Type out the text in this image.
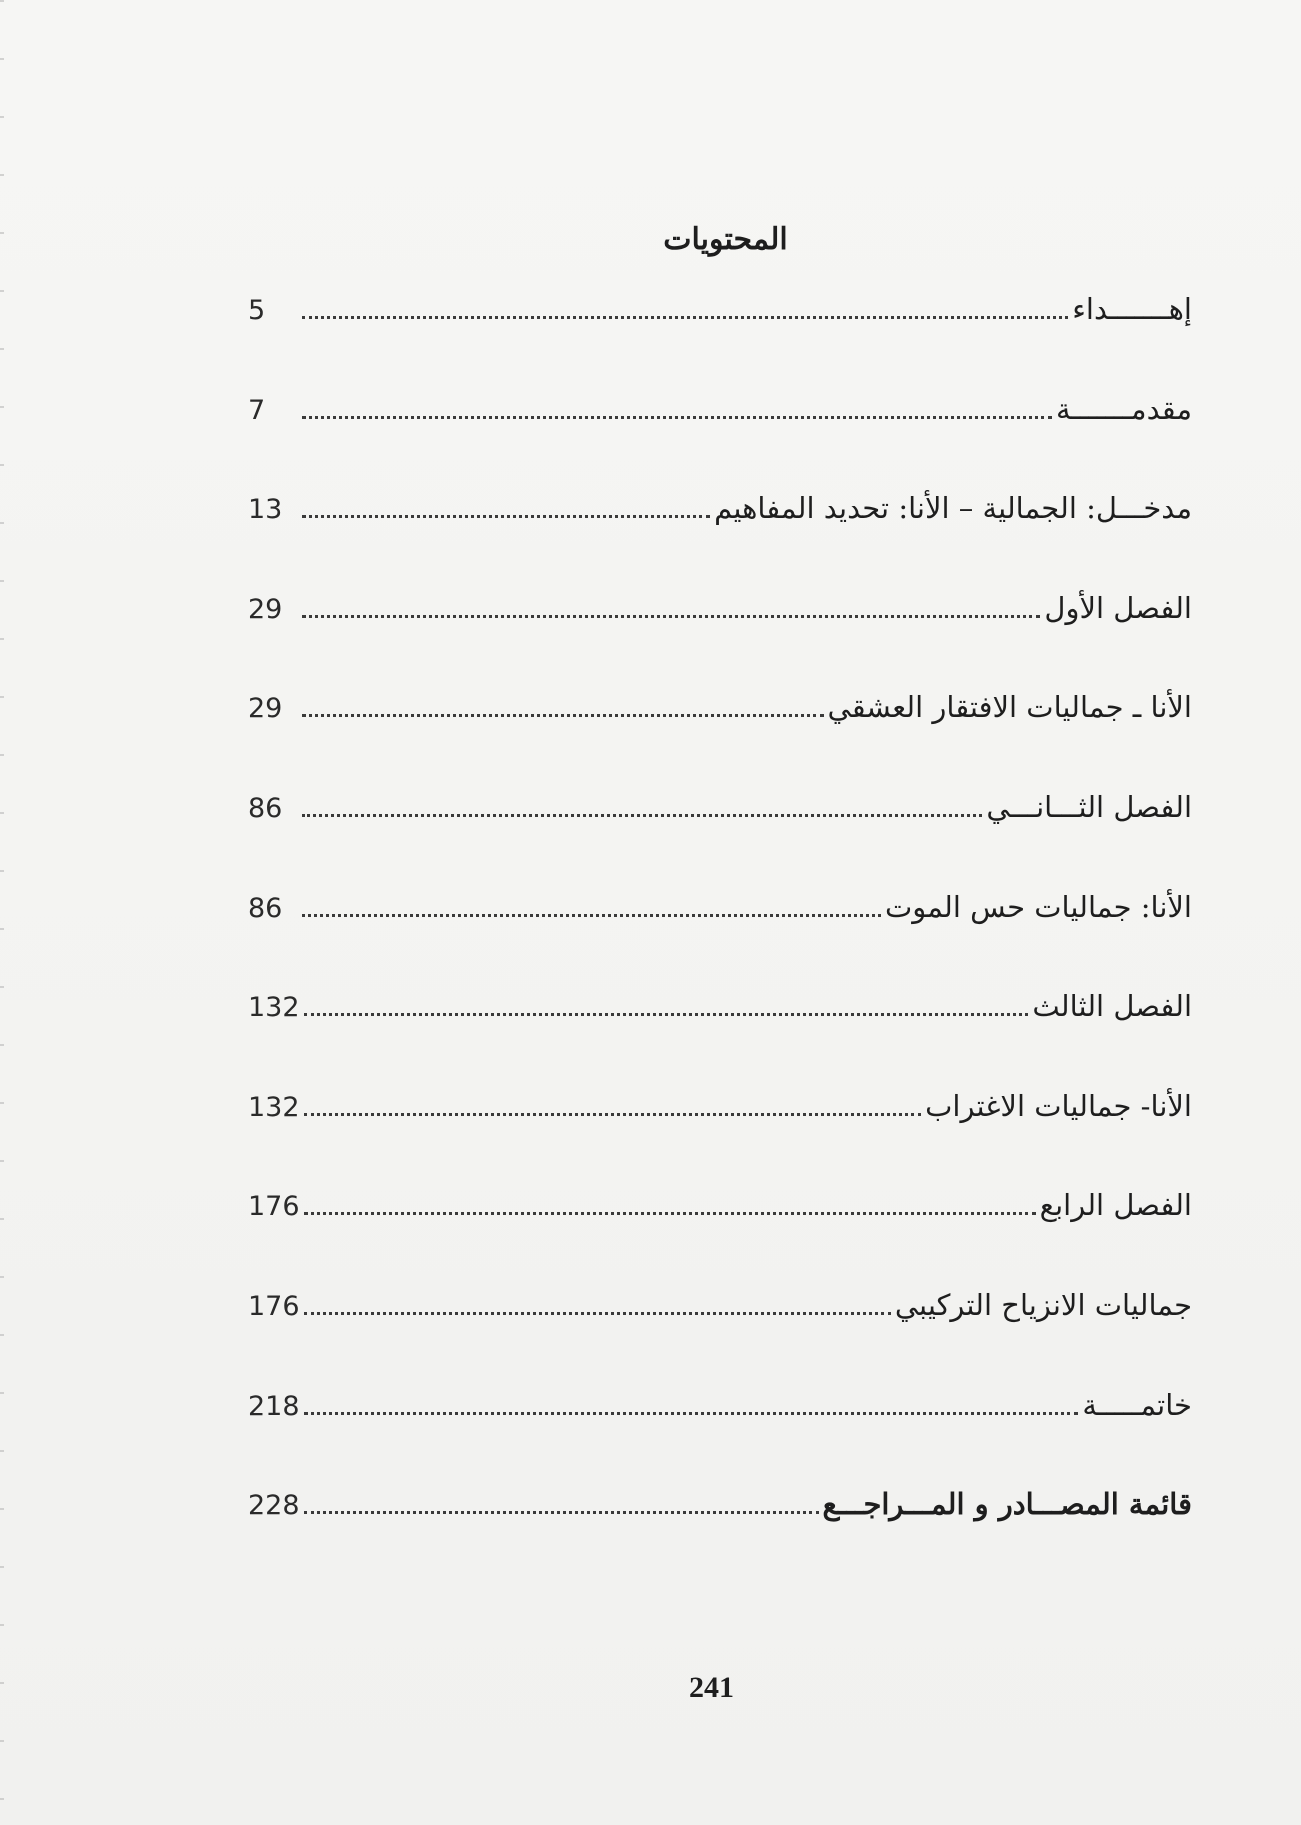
المحتويات
5	إهـــــــداء
7	مقدمـــــــة
13	مدخـــل: الجمالية – الأنا: تحديد المفاهيم
29	الفصل الأول
29	الأنا ـ جماليات الافتقار العشقي
86	الفصل الثـــانـــي
86	الأنا: جماليات حس الموت
132	الفصل الثالث
132	الأنا- جماليات الاغتراب
176	الفصل الرابع
176	جماليات الانزياح التركيبي
218	خاتمـــــة
228	قائمة المصـــادر و المـــراجـــع
241
